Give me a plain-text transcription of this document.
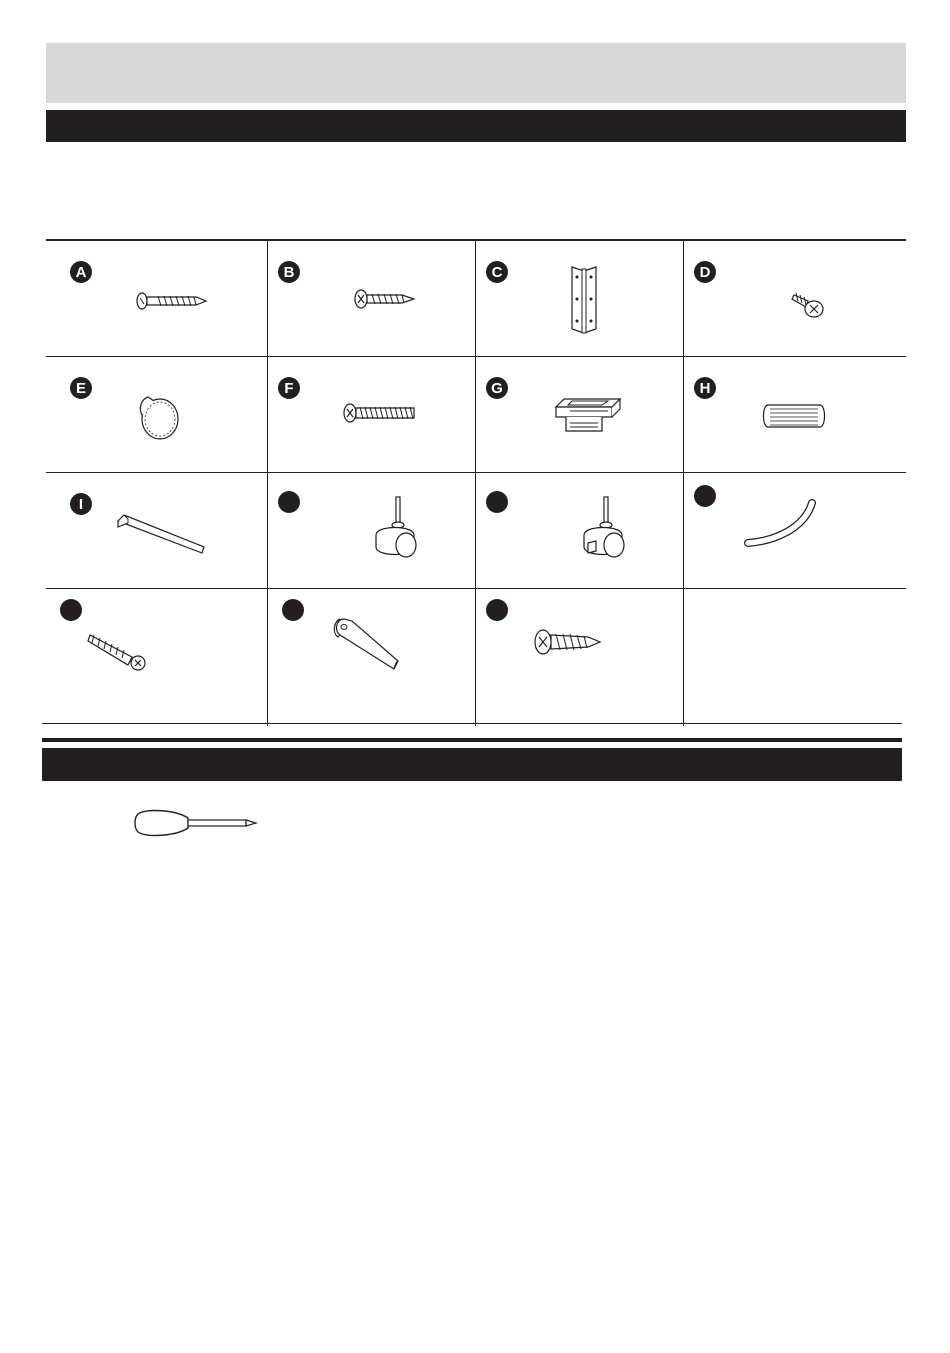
A	B	C	D
E	F	G	H
I
